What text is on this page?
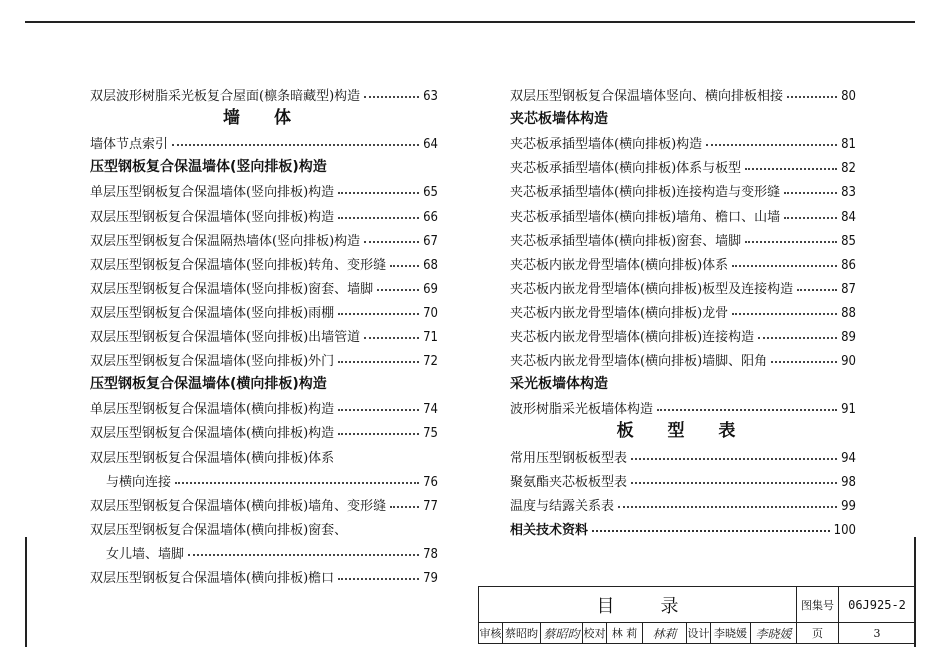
双层波形树脂采光板复合屋面(檩条暗藏型)构造	63
墙 体
墙体节点索引	64
压型钢板复合保温墙体(竖向排板)构造
单层压型钢板复合保温墙体(竖向排板)构造	65
双层压型钢板复合保温墙体(竖向排板)构造	66
双层压型钢板复合保温隔热墙体(竖向排板)构造	67
双层压型钢板复合保温墙体(竖向排板)转角、变形缝	68
双层压型钢板复合保温墙体(竖向排板)窗套、墙脚	69
双层压型钢板复合保温墙体(竖向排板)雨棚	70
双层压型钢板复合保温墙体(竖向排板)出墙管道	71
双层压型钢板复合保温墙体(竖向排板)外门	72
压型钢板复合保温墙体(横向排板)构造
单层压型钢板复合保温墙体(横向排板)构造	74
双层压型钢板复合保温墙体(横向排板)构造	75
双层压型钢板复合保温墙体(横向排板)体系
与横向连接	76
双层压型钢板复合保温墙体(横向排板)墙角、变形缝	77
双层压型钢板复合保温墙体(横向排板)窗套、
女儿墙、墙脚	78
双层压型钢板复合保温墙体(横向排板)檐口	79
双层压型钢板复合保温墙体竖向、横向排板相接	80
夹芯板墙体构造
夹芯板承插型墙体(横向排板)构造	81
夹芯板承插型墙体(横向排板)体系与板型	82
夹芯板承插型墙体(横向排板)连接构造与变形缝	83
夹芯板承插型墙体(横向排板)墙角、檐口、山墙	84
夹芯板承插型墙体(横向排板)窗套、墙脚	85
夹芯板内嵌龙骨型墙体(横向排板)体系	86
夹芯板内嵌龙骨型墙体(横向排板)板型及连接构造	87
夹芯板内嵌龙骨型墙体(横向排板)龙骨	88
夹芯板内嵌龙骨型墙体(横向排板)连接构造	89
夹芯板内嵌龙骨型墙体(横向排板)墙脚、阳角	90
采光板墙体构造
波形树脂采光板墙体构造	91
板 型 表
常用压型钢板板型表	94
聚氨酯夹芯板板型表	98
温度与结露关系表	99
相关技术资料	100
目录	图集号	06J925-2
审核 蔡昭昀 蔡昭昀 校对 林 莉	林莉	设计 李晓媛 李晓媛	页	3
